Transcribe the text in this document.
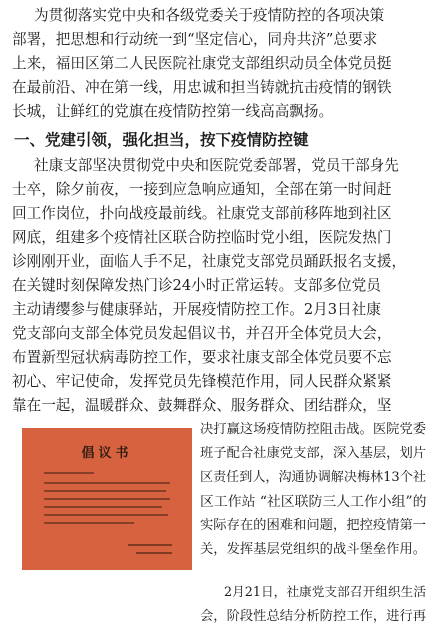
为贯彻落实党中央和各级党委关于疫情防控的各项决策
部署，把思想和行动统一到“坚定信心，同舟共济”总要求
上来，福田区第二人民医院社康党支部组织动员全体党员挺
在最前沿、冲在第一线，用忠诚和担当铸就抗击疫情的钢铁
长城，让鲜红的党旗在疫情防控第一线高高飘扬。
一、党建引领，强化担当，按下疫情防控键
社康支部坚决贯彻党中央和医院党委部署，党员干部身先
士卒，除夕前夜，一接到应急响应通知，全部在第一时间赶
回工作岗位，扑向战疫最前线。社康党支部前移阵地到社区
网底，组建多个疫情社区联合防控临时党小组，医院发热门
诊刚刚开业，面临人手不足，社康党支部党员踊跃报名支援，
在关键时刻保障发热门诊24小时正常运转。支部多位党员
主动请缨参与健康驿站，开展疫情防控工作。2月3日社康
党支部向支部全体党员发起倡议书，并召开全体党员大会，
布置新型冠状病毒防控工作，要求社康支部全体党员要不忘
初心、牢记使命，发挥党员先锋模范作用，同人民群众紧紧
靠在一起，温暖群众、鼓舞群众、服务群众、团结群众，坚
倡议书
决打赢这场疫情防控阻击战。医院党委
班子配合社康党支部，深入基层，划片
区责任到人，沟通协调解决梅林13个社
区工作站 “社区联防三人工作小组”的
实际存在的困难和问题，把控疫情第一
关，发挥基层党组织的战斗堡垒作用。
2月21日，社康党支部召开组织生活
会，阶段性总结分析防控工作，进行再
